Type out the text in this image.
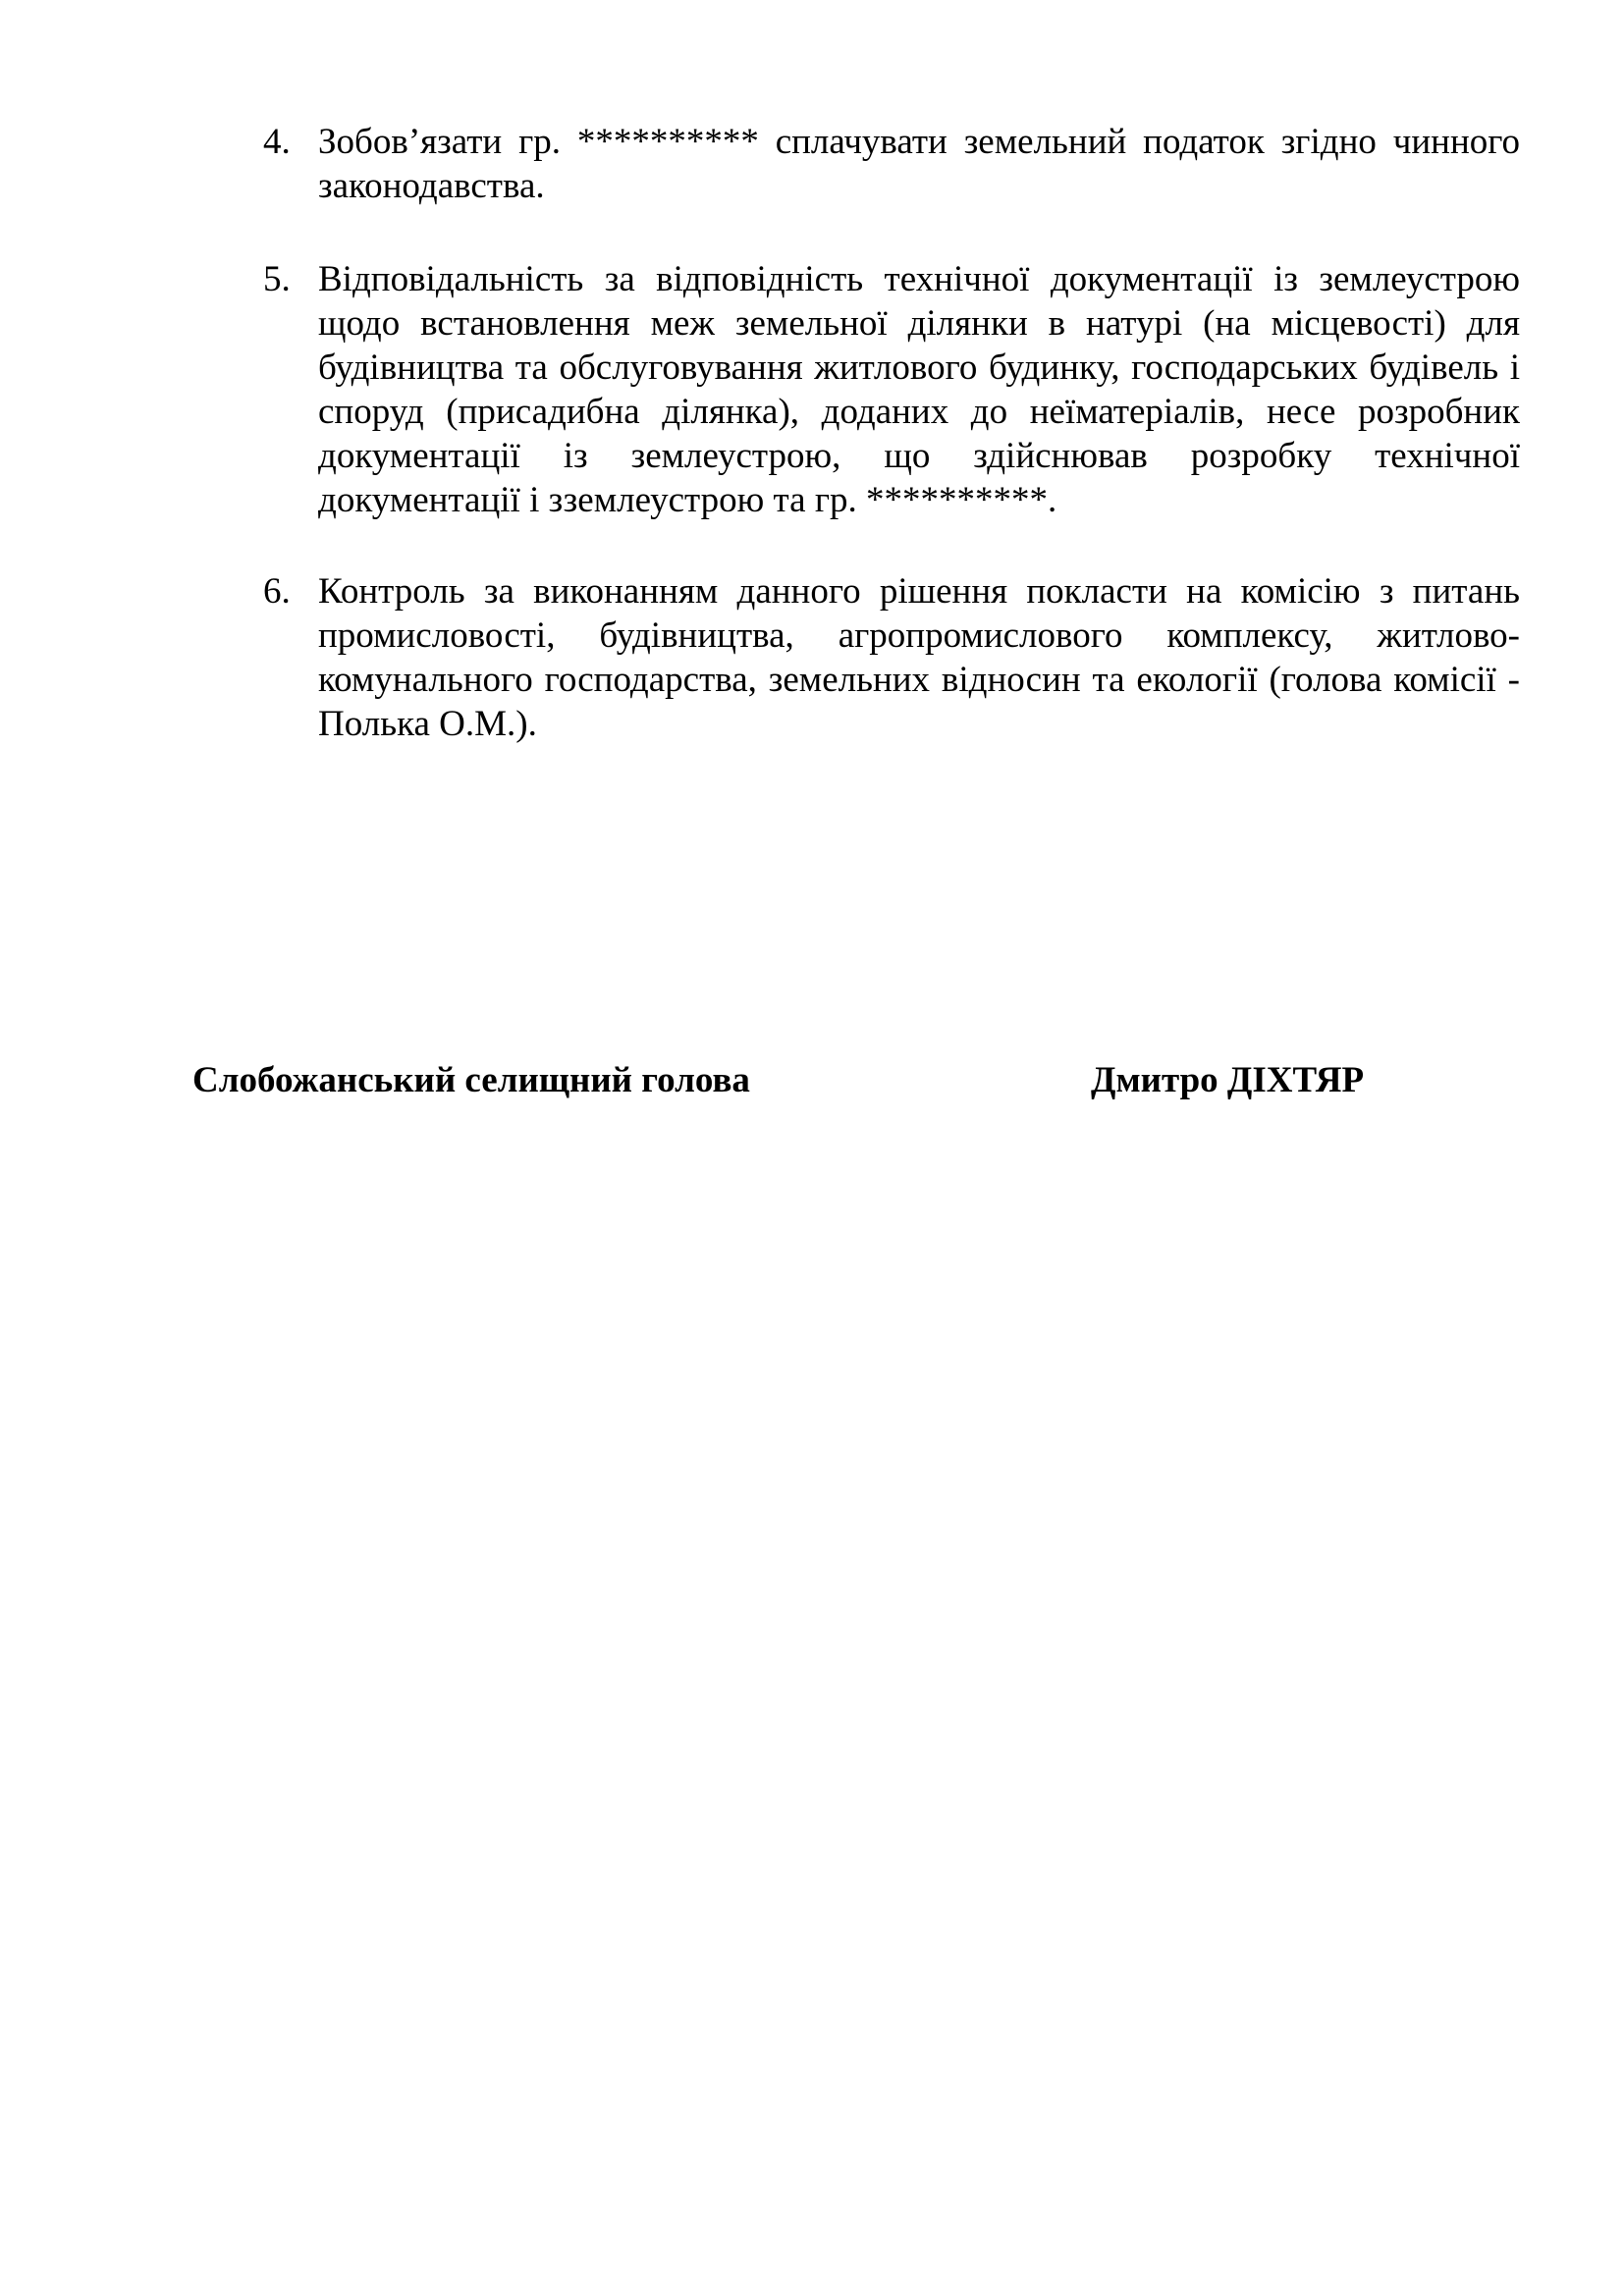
4. Зобов’язати гр. ********** сплачувати земельний податок згідно чинного законодавства.
5. Відповідальність за відповідність технічної документації із землеустрою щодо встановлення меж земельної ділянки в натурі (на місцевості) для будівництва та обслуговування житлового будинку, господарських будівель і споруд (присадибна ділянка), доданих до неїматеріалів, несе розробник документації із землеустрою, що здійснював розробку технічної документації і зземлеустрою та гр. **********.
6. Контроль за виконанням данного рішення покласти на комісію з питань промисловості, будівництва, агропромислового комплексу, житлово-комунального господарства, земельних відносин та екології (голова комісії - Полька О.М.).
Слобожанський селищний голова	Дмитро ДІХТЯР
